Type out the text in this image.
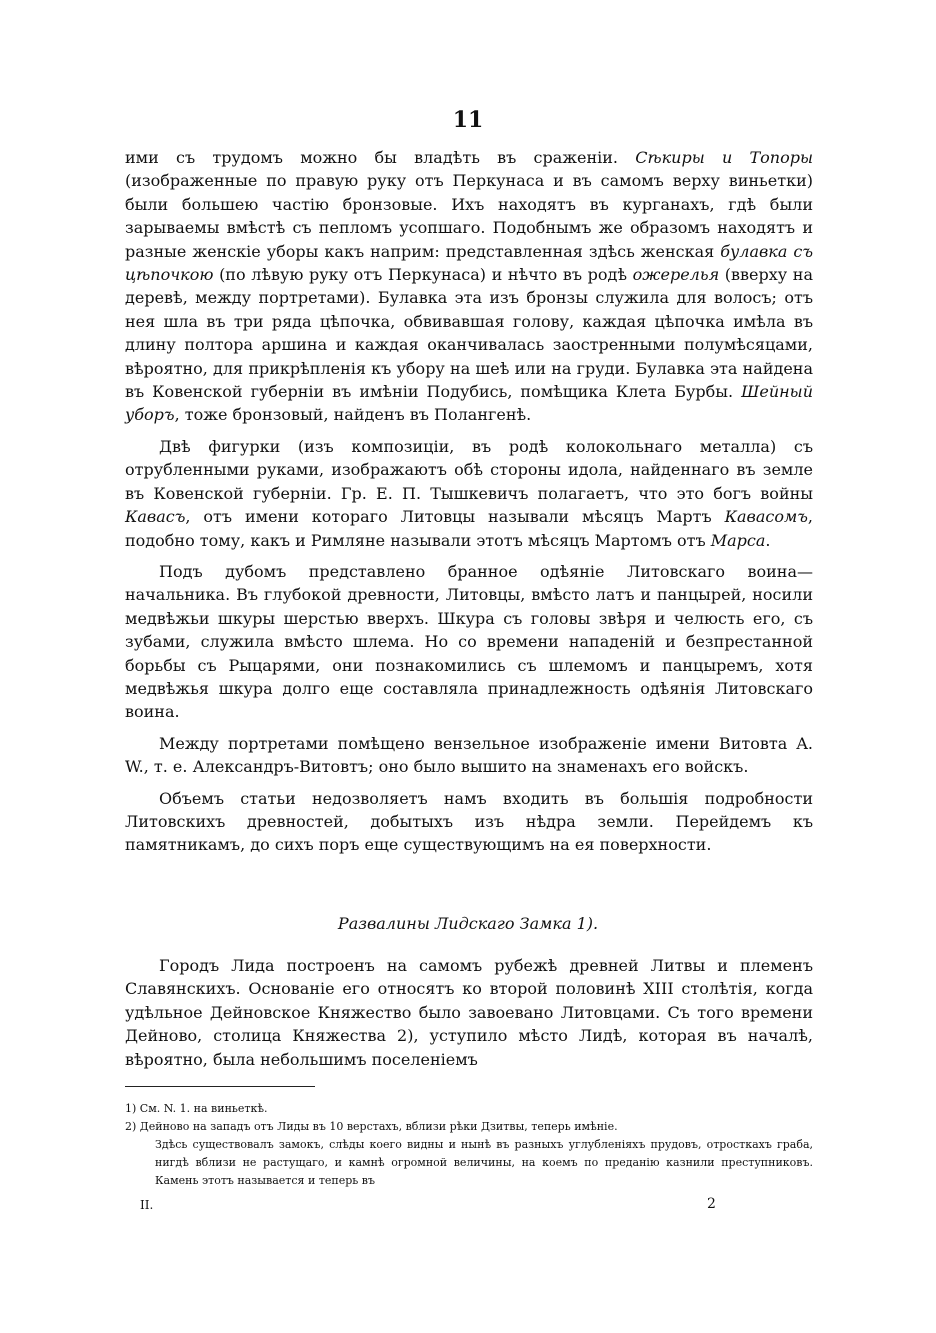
11

ими съ трудомъ можно бы владѣть въ сраженіи. Сѣкиры и Топоры (изображенные по правую руку отъ Перкунаса и въ самомъ верху виньетки) были большею частію бронзовые. Ихъ находятъ въ курганахъ, гдѣ были зарываемы вмѣстѣ съ пепломъ усопшаго. Подобнымъ же образомъ находятъ и разные женскіе уборы какъ наприм: представленная здѣсь женская булавка съ цѣпочкою (по лѣвую руку отъ Перкунаса) и нѣчто въ родѣ ожерелья (вверху на деревѣ, между портретами). Булавка эта изъ бронзы служила для волосъ; отъ нея шла въ три ряда цѣпочка, обвивавшая голову, каждая цѣпочка имѣла въ длину полтора аршина и каждая оканчивалась заостренными полумѣсяцами, вѣроятно, для прикрѣпленія къ убору на шеѣ или на груди. Булавка эта найдена въ Ковенской губерніи въ имѣніи Подубись, помѣщика Клета Бурбы. Шейный уборъ, тоже бронзовый, найденъ въ Полангенѣ.

Двѣ фигурки (изъ композиціи, въ родѣ колокольнаго металла) съ отрубленными руками, изображаютъ обѣ стороны идола, найденнаго въ земле въ Ковенской губерніи. Гр. Е. П. Тышкевичъ полагаетъ, что это богъ войны Кавасъ, отъ имени котораго Литовцы называли мѣсяцъ Мартъ Кавасомъ, подобно тому, какъ и Римляне называли этотъ мѣсяцъ Мартомъ отъ Марса.

Подъ дубомъ представлено бранное одѣяніе Литовскаго воина— начальника. Въ глубокой древности, Литовцы, вмѣсто латъ и панцырей, носили медвѣжьи шкуры шерстью вверхъ. Шкура съ головы звѣря и челюсть его, съ зубами, служила вмѣсто шлема. Но со времени нападеній и безпрестанной борьбы съ Рыцарями, они познакомились съ шлемомъ и панцыремъ, хотя медвѣжья шкура долго еще составляла принадлежность одѣянія Литовскаго воина.

Между портретами помѣщено вензельное изображеніе имени Витовта A. W., т. е. Александръ-Витовтъ; оно было вышито на знаменахъ его войскъ.

Объемъ статьи недозволяетъ намъ входить въ большія подробности Литовскихъ древностей, добытыхъ изъ нѣдра земли. Перейдемъ къ памятникамъ, до сихъ поръ еще существующимъ на ея поверхности.

Развалины Лидскаго Замка 1).

Городъ Лида построенъ на самомъ рубежѣ древней Литвы и племенъ Славянскихъ. Основаніе его относятъ ко второй половинѣ XIII столѣтія, когда удѣльное Дейновское Княжество было завоевано Литовцами. Съ того времени Дейново, столица Княжества 2), уступило мѣсто Лидѣ, которая въ началѣ, вѣроятно, была небольшимъ поселеніемъ

1) См. N. 1. на виньеткѣ.

2) Дейново на западъ отъ Лиды въ 10 верстахъ, вблизи рѣки Дзитвы, теперь имѣніе.

Здѣсь существовалъ замокъ, слѣды коего видны и нынѣ въ разныхъ углубленіяхъ прудовъ, отросткахъ граба, нигдѣ вблизи не растущаго, и камнѣ огромной величины, на коемъ по преданію казнили преступниковъ. Камень этотъ называется и теперь въ

II.	2
